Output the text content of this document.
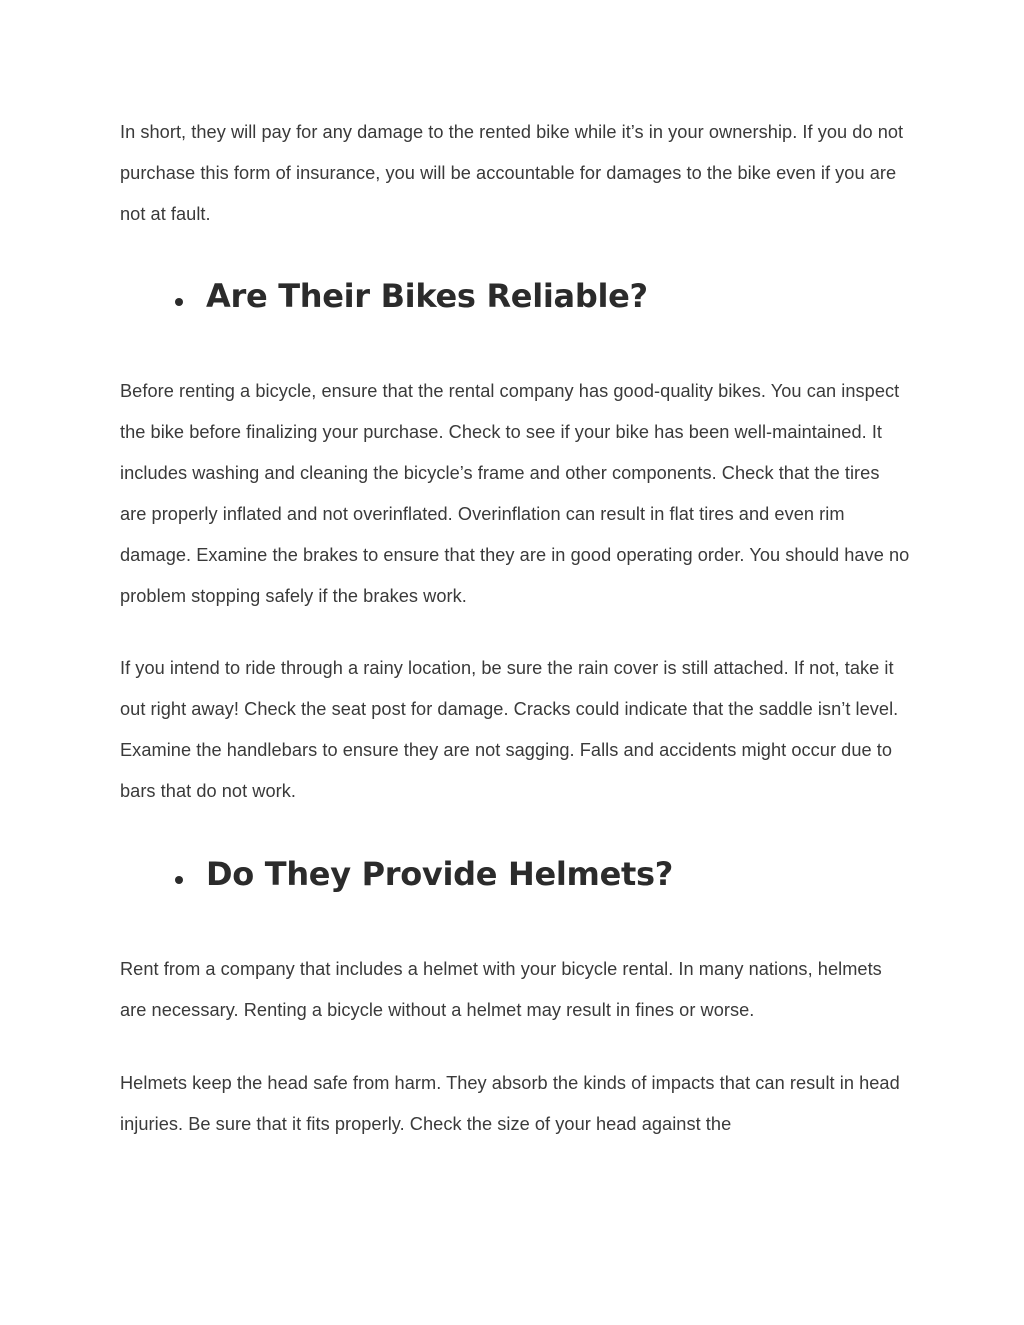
In short, they will pay for any damage to the rented bike while it’s in your ownership. If you do not purchase this form of insurance, you will be accountable for damages to the bike even if you are not at fault.

Are Their Bikes Reliable?

Before renting a bicycle, ensure that the rental company has good-quality bikes. You can inspect the bike before finalizing your purchase. Check to see if your bike has been well-maintained. It includes washing and cleaning the bicycle’s frame and other components. Check that the tires are properly inflated and not overinflated. Overinflation can result in flat tires and even rim damage. Examine the brakes to ensure that they are in good operating order. You should have no problem stopping safely if the brakes work.

If you intend to ride through a rainy location, be sure the rain cover is still attached. If not, take it out right away! Check the seat post for damage. Cracks could indicate that the saddle isn’t level. Examine the handlebars to ensure they are not sagging. Falls and accidents might occur due to bars that do not work.

Do They Provide Helmets?

Rent from a company that includes a helmet with your bicycle rental. In many nations, helmets are necessary. Renting a bicycle without a helmet may result in fines or worse.

Helmets keep the head safe from harm. They absorb the kinds of impacts that can result in head injuries. Be sure that it fits properly. Check the size of your head against the
